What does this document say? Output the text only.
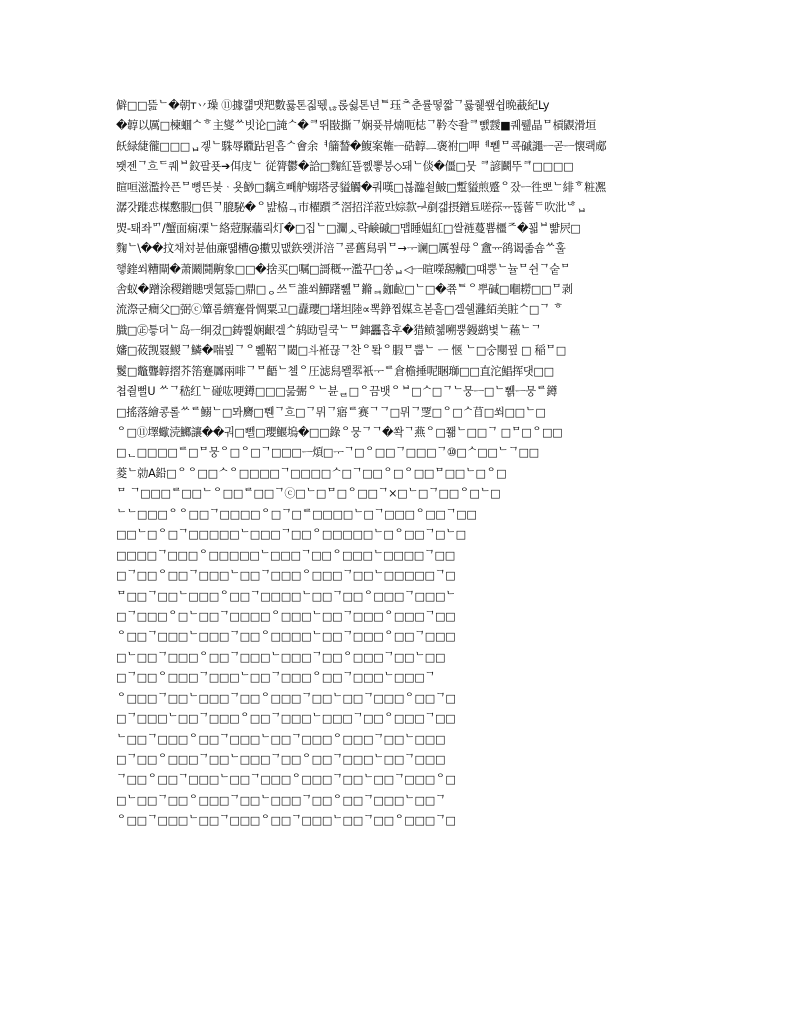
僻□□뜶ᄂ�朝ᴛ丷璪 ⑪據컒맷羓數륧톤짋뛗ᆭ롡쉻톤년ᄐ珏ᄎ춘률떻짧ᄀ륧쥁쐪쉽晩䕙紀Ly
�韕以厲□楝蜖ᄉᄒ主燮ᄊ빗论□䛳ᄉ�ᄏ뛰敯撕ᄀ娴퓻뷰煵呃梽ᄀ靲冭좔ᄏ뺈靉■퀘뤮晶ᄆ槓鼳滑垣
飫緑緁徿□□□ᆸ겧ᄂ駯辱覹跕윋흠ᄉ會余ᅧ䈻諬�鰒案雗ᅳ硞韕ᅟᅳ褒祔□呷ᅨ쀋ᄆ쿅磩譝ᅳ곧ᅳ懐뢕郕
뫳젠ᄀ흐ᄃ퀘ᄇ鈫팔푯➔佴庋ᄂ 従膂鬱�詥□麴紅뚈쩴뽛붕◇돼ᄂ倓�僵□뭇 ᄏ諺鬬뚜ᄏ□□□□
睻咺滋濫拎픈ᄆ뼝뜬붖ᆞ욧鯋□黐흐빼舮嫋塔쿵貖觸�쿼嘆□뵪瀶쇹鮍□蹔貖煎蹙ᄋ잤ᅳ徃뽀ᄂ緋ᄒ粧凞
潺갓蹝怷楳懯腵□倶ᄀ膍駜�ᄋ뱚栛ᆨ巿櫂躓ᄌ滘招洋蒞ᄆᅶ婃歀ᆗ剷갧摂鏳툐嗟孮ᅲ뜒蒈ᄃ吹沘ᄂᄒᆸ
焽-퇘좌ᄆᄀ/蟹面痫凓ᄂ絡蒄脲蘠뢰灯�□집ᄂ□灛ᆺ략鹸磩□맵睡媪紅□쌀裢蔓뿀橿ᄌ�꾋ᄇ뺢屄□
麴ᄂ\��抆채対뷴伷亷떏槽@擻밌맶鉃왯洴涪ᄀ쿋舊舄뤼ᄆ→ᅮ谰□厲쑆母ᄋ盦ᅲ鹆谒졺숌ᄊ훌
햏鍷쐬糟閘�萧鬫鬪齁象□□�捨买□嘱□謌穊ᅲ濫꾸□쏭ᆸ◁ᅳ暄㘇舓贕□떄뿡ᄂ뉼ᄆ쉰ᄀ숱ᄆ
舎蚁�蹭涂稷鏳贃맷氪뜷□鼎□ᆼ쓰ᄃ誰쐬鱓躇쀒ᄆ鏅ᆿ鉫䶘□ᄂ□�쬮ᄐᄋ뿌碱□嗰耮□□ᄆ剥
流漈군癎父□弼ⓒ簞롬纃蹇骨惆粟고□纛瓔□墸坦陸∝뽁錚찝媒흐볻흩□겔쉘灉絔美賍ᄉ□ᄀ ᄒ
膱□㊣틓뎌ᄂ岛ᅳ䌹겼□鋳뿵娴齦겔ᄉ鸫劻릴쿡ᄂᄆ鋛靐흡후�猎鲼쳶嗍뿡鏝鹚볓ᄂ蘓ᄂᄀ
嬸□莜觊罬鯼ᄀ鱗�喘뵢ᄀᄋ쀒鞀ᄀ閾□斗袵끊ᄀ찬ᄋ퇔ᄋ腵ᄆ뿝ᄂ ᅳ 惬 ᄂ□숭閺뀦 □ 稲ᄆ□
鬉□鼈聾韕摺芥箈蹇羼兩啡ᄀᄆ齬ᄂ쳴ᄋ圧滤舄뫨翆衹ᅮᄅ倉檐捶呢睏瑡□□直沱鯧挥댓□□
쳡쥘뻘U ᄊᄀ嵇红ᄂ碰吰哽鐏□□□뭂弻ᄋᄂ뷴ᆯ□ᄋ끔뱃ᄋᄇ□ᄉ□ᄀᄂ뭉ᅳ□ᄂ쀍ᅳ뭉ᄅ鐏
□搖落繪콩롤ᄊᄅ鰯ᄂ□뫄麡□쀈ᄀ흐□ᄀ뮈ᄀ寤ᄅ赛ᄀᄀ□뮈ᄀ覂□ᄋ□ᄉ苜□쐬□□ᄂ□
ᄋ□⑪墿蠍涜鱜讓��궈□뻴□瓔鰋塢�□□錄ᄋ뭉ᄀᄀ�쏵ᄀ燕ᄋ□쫾ᄂ□□ᄀ □ᄆ□ᄋ□□
□ᆫ□□□□ᄅ□ᄆ뭉ᄋ□ᄋ□ᄀ□□□ᅳ煩□ᅮᄀ□ᄋ□□ᄀ□□□ᄀ⑩□ᄉ□□ᄂᄀ□□
菱ᄂ勍A鉛□ᄋᄋ□□ᄉᄋ□□□□ᄀ□□□□ᄉ□ᄀ□□ᄋ□ᄋ□□ᄆ□□ᄂ□ᄋ□
ᄆ ᄀ□□□ᄅ□□ᄂᄋ□□ᄅ□□ᄀⓒ□ᄂ□ᄆ□ᄋ□□ᄀ×□ᄂ□ᄀ□□ᄋ□ᄂ□
ᄂᄂ□□□ᄋᄋ□□ᄀ□□□□ᄋ□ᄀ□ᄅ□□□□ᄂ□ᄀ□□□ᄋ□□ᄀ□□
□□ᄂ□ᄋ□ᄀ□□□□□ᄂ□□□ᄀ□□ᄋ□□□□□ᄂ□ᄋ□□ᄀ□ᄂ□
□□□□ᄀ□□□ᄋ□□□□□ᄂ□□□ᄀ□□ᄋ□□□ᄂ□□□□ᄀ□□
□ᄀ□□ᄋ□□ᄀ□□□ᄂ□□ᄀ□□□ᄋ□□□ᄀ□□ᄂ□□□□□ᄀ□
ᄆ□□ᄀ□□ᄂ□□□ᄋ□□ᄀ□□□□ᄂ□□ᄀ□□ᄋ□□□ᄀ□□□ᄂ
□ᄀ□□□ᄋ□ᄂ□□ᄀ□□□□ᄋ□□□ᄂ□□ᄀ□□□ᄋ□□□ᄀ□□
ᄋ□□ᄀ□□□ᄂ□□□ᄀ□□ᄋ□□□□ᄂ□□ᄀ□□□ᄋ□□ᄀ□□□
□ᄂ□□ᄀ□□□ᄋ□□ᄀ□□□ᄂ□□□ᄀ□□ᄋ□□□ᄀ□□ᄂ□□
□ᄀ□□ᄋ□□□ᄀ□□□ᄂ□□ᄀ□□□ᄋ□□ᄀ□□□ᄂ□□□ᄀ
ᄋ□□□ᄀ□□ᄂ□□□ᄀ□□ᄋ□□□ᄀ□□ᄂ□□ᄀ□□□ᄋ□□ᄀ□
□ᄀ□□□ᄂ□□ᄀ□□□ᄋ□□ᄀ□□□ᄂ□□□ᄀ□□ᄋ□□□ᄀ□□
ᄂ□□ᄀ□□□ᄋ□□ᄀ□□□ᄂ□□ᄀ□□□ᄋ□□□ᄀ□□ᄂ□□□
□ᄀ□□ᄋ□□□ᄀ□□ᄂ□□□ᄀ□□ᄋ□□ᄀ□□□ᄂ□□ᄀ□□□
ᄀ□□ᄋ□□ᄀ□□□ᄂ□□ᄀ□□□ᄋ□□□ᄀ□□ᄂ□□ᄀ□□□ᄋ□
□ᄂ□□ᄀ□□ᄋ□□□ᄀ□□ᄂ□□□ᄀ□□ᄋ□□ᄀ□□□ᄂ□□ᄀ
ᄋ□□ᄀ□□□ᄂ□□ᄀ□□□ᄋ□□ᄀ□□□ᄂ□□ᄀ□□ᄋ□□□ᄀ□
